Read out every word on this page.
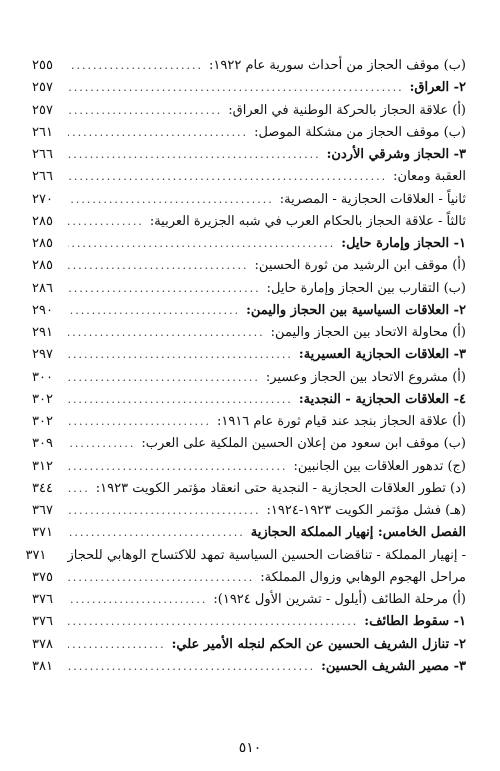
(ب) موقف الحجاز من أحداث سورية عام ١٩٢٢:
.....
٢٥٥
٢- العراق:
.....
٢٥٧
(أ) علاقة الحجاز بالحركة الوطنية في العراق:
.....
٢٥٧
(ب) موقف الحجاز من مشكلة الموصل:
.....
٢٦١
٣- الحجاز وشرقي الأردن:
.....
٢٦٦
العقبة ومعان:
.....
٢٦٦
ثانياً - العلاقات الحجازية - المصرية:
.....
٢٧٠
ثالثاً - علاقة الحجاز بالحكام العرب في شبه الجزيرة العربية:
.....
٢٨٥
١- الحجاز وإمارة حايل:
.....
٢٨٥
(أ) موقف ابن الرشيد من ثورة الحسين:
.....
٢٨٥
(ب) التقارب بين الحجاز وإمارة حايل:
.....
٢٨٦
٢- العلاقات السياسية بين الحجاز واليمن:
.....
٢٩٠
(أ) محاولة الاتحاد بين الحجاز واليمن:
.....
٢٩١
٣- العلاقات الحجازية العسيرية:
.....
٢٩٧
(أ) مشروع الاتحاد بين الحجاز وعسير:
.....
٣٠٠
٤- العلاقات الحجازية - النجدية:
.....
٣٠٢
(أ) علاقة الحجاز بنجد عند قيام ثورة عام ١٩١٦:
.....
٣٠٢
(ب) موقف ابن سعود من إعلان الحسين الملكية على العرب:
.....
٣٠٩
(ج) تدهور العلاقات بين الجانبين:
.....
٣١٢
(د) تطور العلاقات الحجازية - النجدية حتى انعقاد مؤتمر الكويت ١٩٢٣:
.....
٣٤٤
(هـ) فشل مؤتمر الكويت ١٩٢٣-١٩٢٤:
.....
٣٦٧
الفصل الخامس: إنهيار المملكة الحجازية
.....
٣٧١
- إنهيار المملكة - تناقضات الحسين السياسية تمهد للاكتساح الوهابي للحجاز
٣٧١
مراحل الهجوم الوهابي وزوال المملكة:
.....
٣٧٥
(أ) مرحلة الطائف (أيلول - تشرين الأول ١٩٢٤):
.....
٣٧٦
١- سقوط الطائف:
.....
٣٧٦
٢- تنازل الشريف الحسين عن الحكم لنجله الأمير علي:
.....
٣٧٨
٣- مصير الشريف الحسين:
.....
٣٨١
٥١٠
